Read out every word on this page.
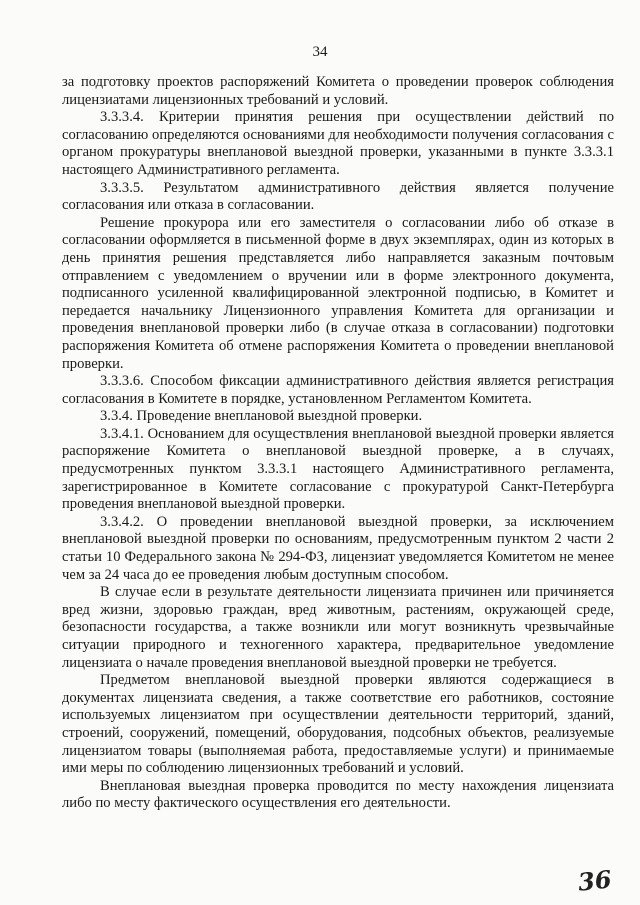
34

за подготовку проектов распоряжений Комитета о проведении проверок соблюдения лицензиатами лицензионных требований и условий.

3.3.3.4. Критерии принятия решения при осуществлении действий по согласованию определяются основаниями для необходимости получения согласования с органом прокуратуры внеплановой выездной проверки, указанными в пункте 3.3.3.1 настоящего Административного регламента.

3.3.3.5. Результатом административного действия является получение согласования или отказа в согласовании.

Решение прокурора или его заместителя о согласовании либо об отказе в согласовании оформляется в письменной форме в двух экземплярах, один из которых в день принятия решения представляется либо направляется заказным почтовым отправлением с уведомлением о вручении или в форме электронного документа, подписанного усиленной квалифицированной электронной подписью, в Комитет и передается начальнику Лицензионного управления Комитета для организации и проведения внеплановой проверки либо (в случае отказа в согласовании) подготовки распоряжения Комитета об отмене распоряжения Комитета о проведении внеплановой проверки.

3.3.3.6. Способом фиксации административного действия является регистрация согласования в Комитете в порядке, установленном Регламентом Комитета.

3.3.4. Проведение внеплановой выездной проверки.

3.3.4.1. Основанием для осуществления внеплановой выездной проверки является распоряжение Комитета о внеплановой выездной проверке, а в случаях, предусмотренных пунктом 3.3.3.1 настоящего Административного регламента, зарегистрированное в Комитете согласование с прокуратурой Санкт-Петербурга проведения внеплановой выездной проверки.

3.3.4.2. О проведении внеплановой выездной проверки, за исключением внеплановой выездной проверки по основаниям, предусмотренным пунктом 2 части 2 статьи 10 Федерального закона № 294-ФЗ, лицензиат уведомляется Комитетом не менее чем за 24 часа до ее проведения любым доступным способом.

В случае если в результате деятельности лицензиата причинен или причиняется вред жизни, здоровью граждан, вред животным, растениям, окружающей среде, безопасности государства, а также возникли или могут возникнуть чрезвычайные ситуации природного и техногенного характера, предварительное уведомление лицензиата о начале проведения внеплановой выездной проверки не требуется.

Предметом внеплановой выездной проверки являются содержащиеся в документах лицензиата сведения, а также соответствие его работников, состояние используемых лицензиатом при осуществлении деятельности территорий, зданий, строений, сооружений, помещений, оборудования, подсобных объектов, реализуемые лицензиатом товары (выполняемая работа, предоставляемые услуги) и принимаемые ими меры по соблюдению лицензионных требований и условий.

Внеплановая выездная проверка проводится по месту нахождения лицензиата либо по месту фактического осуществления его деятельности.

36
